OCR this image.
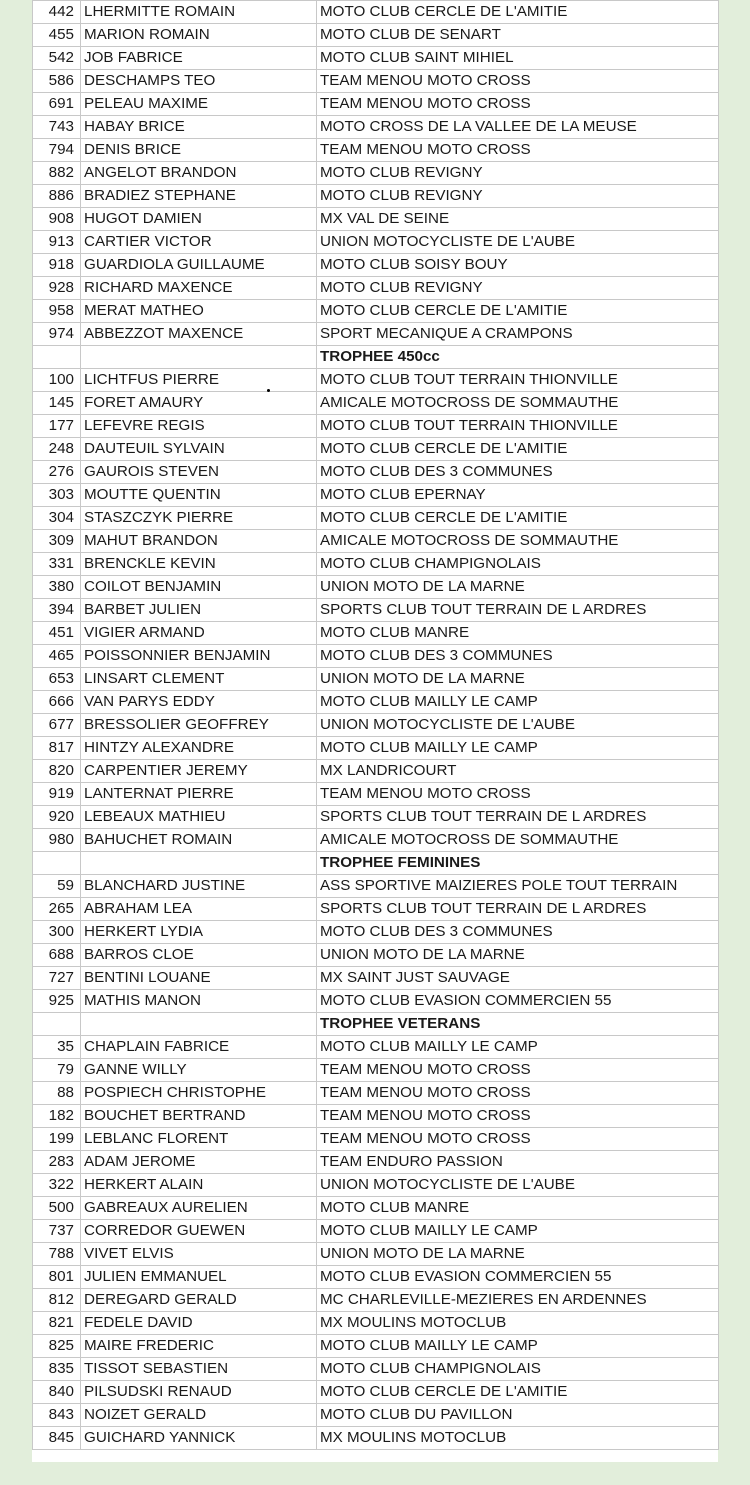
442	LHERMITTE ROMAIN	MOTO CLUB CERCLE DE L'AMITIE
455	MARION ROMAIN	MOTO CLUB DE SENART
542	JOB FABRICE	MOTO CLUB SAINT MIHIEL
586	DESCHAMPS TEO	TEAM MENOU MOTO CROSS
691	PELEAU MAXIME	TEAM MENOU MOTO CROSS
743	HABAY BRICE	MOTO CROSS DE LA VALLEE DE LA MEUSE
794	DENIS BRICE	TEAM MENOU MOTO CROSS
882	ANGELOT BRANDON	MOTO CLUB REVIGNY
886	BRADIEZ STEPHANE	MOTO CLUB REVIGNY
908	HUGOT DAMIEN	MX VAL DE SEINE
913	CARTIER VICTOR	UNION MOTOCYCLISTE DE L'AUBE
918	GUARDIOLA GUILLAUME	MOTO CLUB SOISY BOUY
928	RICHARD MAXENCE	MOTO CLUB REVIGNY
958	MERAT MATHEO	MOTO CLUB CERCLE DE L'AMITIE
974	ABBEZZOT MAXENCE	SPORT MECANIQUE A CRAMPONS
		TROPHEE 450cc
100	LICHTFUS PIERRE	MOTO CLUB TOUT TERRAIN THIONVILLE
145	FORET AMAURY	AMICALE MOTOCROSS DE SOMMAUTHE
177	LEFEVRE REGIS	MOTO CLUB TOUT TERRAIN THIONVILLE
248	DAUTEUIL SYLVAIN	MOTO CLUB CERCLE DE L'AMITIE
276	GAUROIS STEVEN	MOTO CLUB DES 3 COMMUNES
303	MOUTTE QUENTIN	MOTO CLUB EPERNAY
304	STASZCZYK PIERRE	MOTO CLUB CERCLE DE L'AMITIE
309	MAHUT BRANDON	AMICALE MOTOCROSS DE SOMMAUTHE
331	BRENCKLE KEVIN	MOTO CLUB CHAMPIGNOLAIS
380	COILOT BENJAMIN	UNION MOTO DE LA MARNE
394	BARBET JULIEN	SPORTS CLUB TOUT TERRAIN DE L ARDRES
451	VIGIER ARMAND	MOTO CLUB MANRE
465	POISSONNIER BENJAMIN	MOTO CLUB DES 3 COMMUNES
653	LINSART CLEMENT	UNION MOTO DE LA MARNE
666	VAN PARYS EDDY	MOTO CLUB MAILLY LE CAMP
677	BRESSOLIER GEOFFREY	UNION MOTOCYCLISTE DE L'AUBE
817	HINTZY ALEXANDRE	MOTO CLUB MAILLY LE CAMP
820	CARPENTIER JEREMY	MX LANDRICOURT
919	LANTERNAT PIERRE	TEAM MENOU MOTO CROSS
920	LEBEAUX MATHIEU	SPORTS CLUB TOUT TERRAIN DE L ARDRES
980	BAHUCHET ROMAIN	AMICALE MOTOCROSS DE SOMMAUTHE
		TROPHEE FEMININES
59	BLANCHARD JUSTINE	ASS SPORTIVE MAIZIERES POLE TOUT TERRAIN
265	ABRAHAM LEA	SPORTS CLUB TOUT TERRAIN DE L ARDRES
300	HERKERT LYDIA	MOTO CLUB DES 3 COMMUNES
688	BARROS CLOE	UNION MOTO DE LA MARNE
727	BENTINI LOUANE	MX SAINT JUST SAUVAGE
925	MATHIS MANON	MOTO CLUB EVASION COMMERCIEN 55
		TROPHEE VETERANS
35	CHAPLAIN FABRICE	MOTO CLUB MAILLY LE CAMP
79	GANNE WILLY	TEAM MENOU MOTO CROSS
88	POSPIECH CHRISTOPHE	TEAM MENOU MOTO CROSS
182	BOUCHET BERTRAND	TEAM MENOU MOTO CROSS
199	LEBLANC FLORENT	TEAM MENOU MOTO CROSS
283	ADAM JEROME	TEAM ENDURO PASSION
322	HERKERT ALAIN	UNION MOTOCYCLISTE DE L'AUBE
500	GABREAUX AURELIEN	MOTO CLUB MANRE
737	CORREDOR GUEWEN	MOTO CLUB MAILLY LE CAMP
788	VIVET ELVIS	UNION MOTO DE LA MARNE
801	JULIEN EMMANUEL	MOTO CLUB EVASION COMMERCIEN 55
812	DEREGARD GERALD	MC CHARLEVILLE-MEZIERES EN ARDENNES
821	FEDELE DAVID	MX MOULINS MOTOCLUB
825	MAIRE FREDERIC	MOTO CLUB MAILLY LE CAMP
835	TISSOT SEBASTIEN	MOTO CLUB CHAMPIGNOLAIS
840	PILSUDSKI RENAUD	MOTO CLUB CERCLE DE L'AMITIE
843	NOIZET GERALD	MOTO CLUB DU PAVILLON
845	GUICHARD YANNICK	MX MOULINS MOTOCLUB
